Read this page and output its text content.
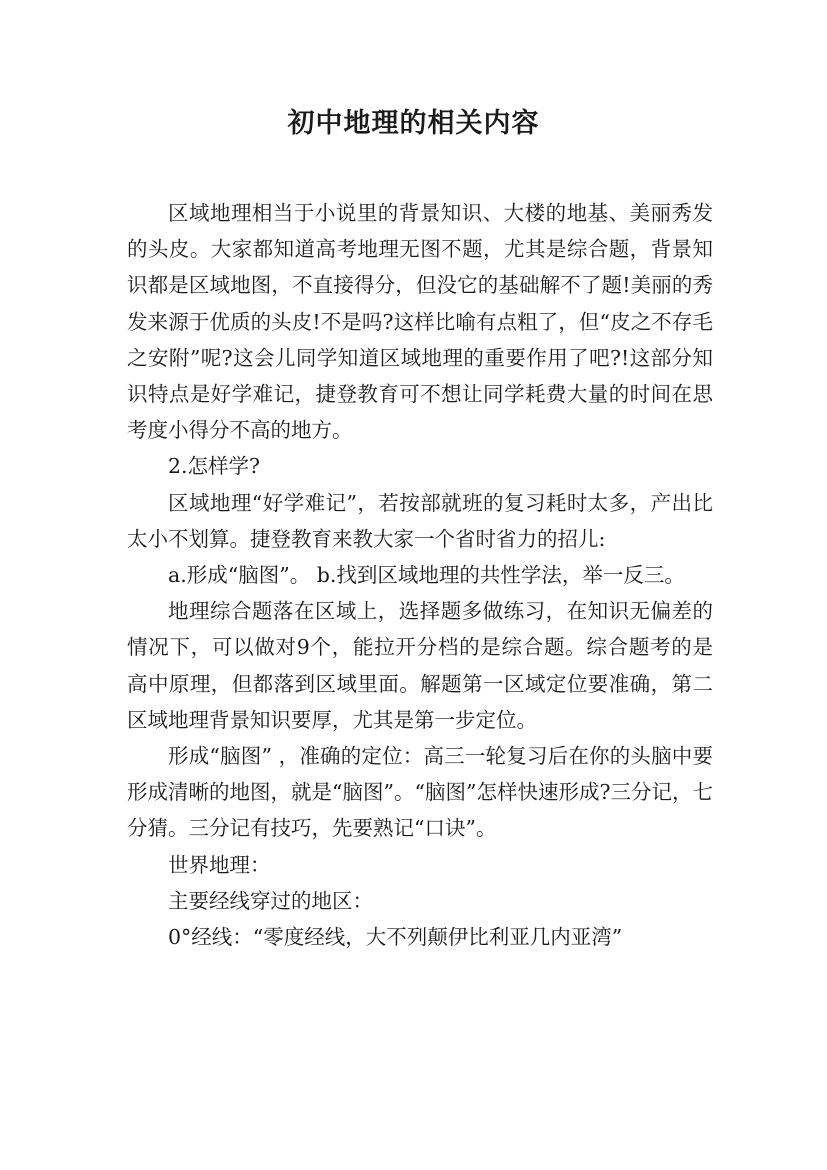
初中地理的相关内容

区域地理相当于小说里的背景知识、大楼的地基、美丽秀发的头皮。大家都知道高考地理无图不题，尤其是综合题，背景知识都是区域地图，不直接得分，但没它的基础解不了题!美丽的秀发来源于优质的头皮!不是吗?这样比喻有点粗了，但“皮之不存毛之安附”呢?这会儿同学知道区域地理的重要作用了吧?!这部分知识特点是好学难记，捷登教育可不想让同学耗费大量的时间在思考度小得分不高的地方。

2.怎样学?

区域地理“好学难记”，若按部就班的复习耗时太多，产出比太小不划算。捷登教育来教大家一个省时省力的招儿:

a.形成“脑图”。 b.找到区域地理的共性学法，举一反三。

地理综合题落在区域上，选择题多做练习，在知识无偏差的情况下，可以做对9个，能拉开分档的是综合题。综合题考的是高中原理，但都落到区域里面。解题第一区域定位要准确，第二区域地理背景知识要厚，尤其是第一步定位。

形成“脑图” ，准确的定位：高三一轮复习后在你的头脑中要形成清晰的地图，就是“脑图”。“脑图”怎样快速形成?三分记，七分猜。三分记有技巧，先要熟记“口诀”。

世界地理：

主要经线穿过的地区：

0°经线：“零度经线，大不列颠伊比利亚几内亚湾”
